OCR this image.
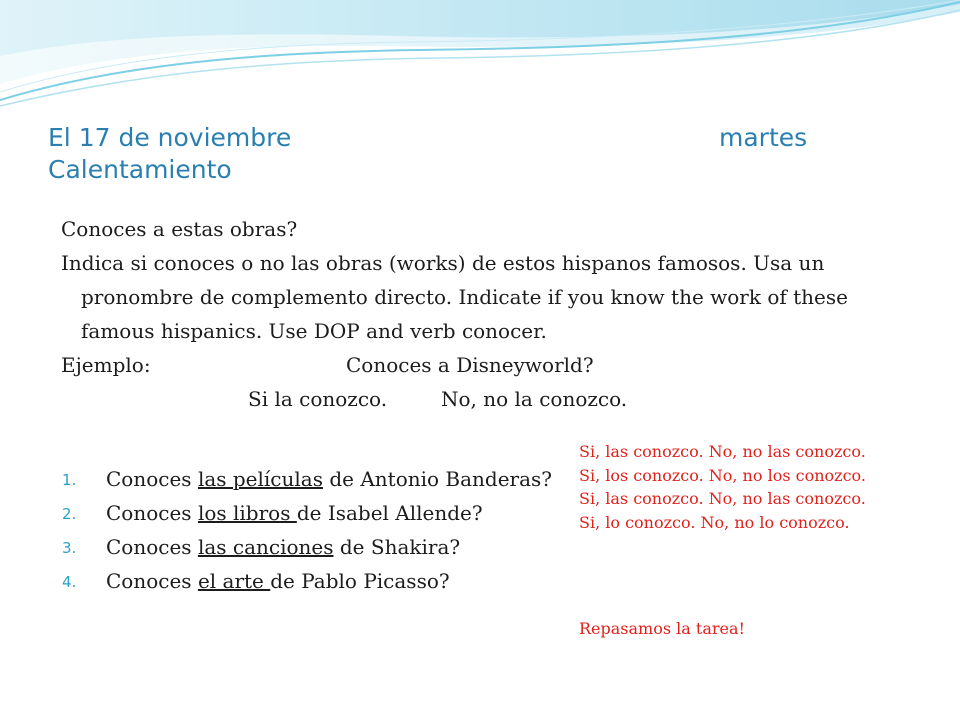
El 17 de noviembre	martes

Calentamiento

Conoces a estas obras?

Indica si conoces o no las obras (works) de estos hispanos famosos. Usa un pronombre de complemento directo. Indicate if you know the work of these famous hispanics. Use DOP and verb conocer.

Ejemplo:	Conoces a Disneyworld?
Si la conozco.	No, no la conozco.
1. Conoces las películas de Antonio Banderas?
2. Conoces los libros de Isabel Allende?
3. Conoces las canciones de Shakira?
4. Conoces el arte de Pablo Picasso?
Si, las conozco. No, no las conozco.
Si, los conozco. No, no los conozco.
Si, las conozco. No, no las conozco.
Si, lo conozco. No, no lo conozco.
Repasamos la tarea!
